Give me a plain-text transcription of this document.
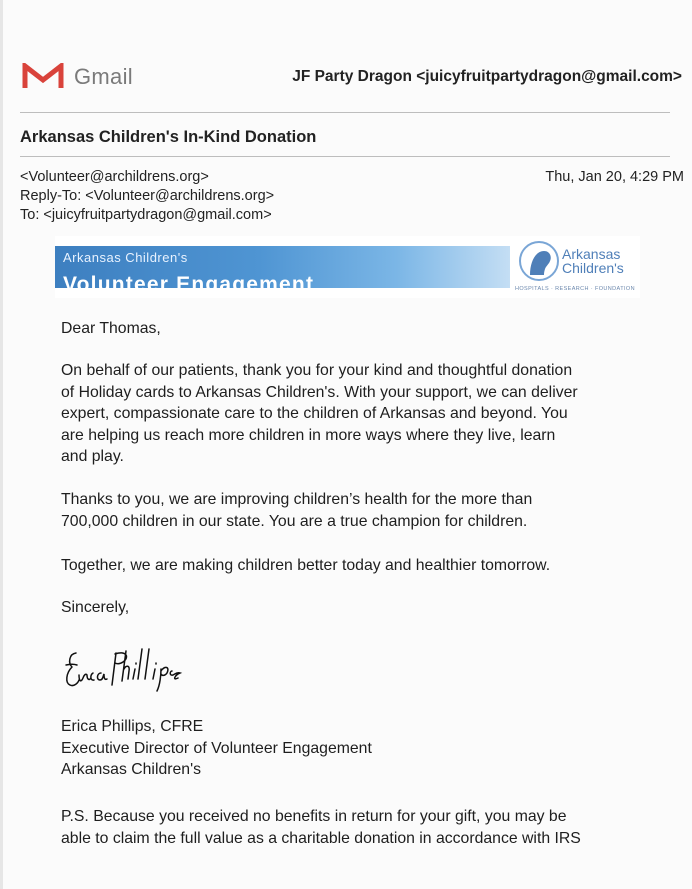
Gmail	JF Party Dragon <juicyfruitpartydragon@gmail.com>
Arkansas Children's In-Kind Donation
<Volunteer@archildrens.org>	Thu, Jan 20, 4:29 PM
Reply-To: <Volunteer@archildrens.org>
To: <juicyfruitpartydragon@gmail.com>
Arkansas Children's
Volunteer Engagement
Arkansas
Children's
HOSPITALS · RESEARCH · FOUNDATION
Dear Thomas,
On behalf of our patients, thank you for your kind and thoughtful donation
of Holiday cards to Arkansas Children's. With your support, we can deliver
expert, compassionate care to the children of Arkansas and beyond. You
are helping us reach more children in more ways where they live, learn
and play.
Thanks to you, we are improving children’s health for the more than
700,000 children in our state. You are a true champion for children.
Together, we are making children better today and healthier tomorrow.
Sincerely,
Erica Phillips, CFRE
Executive Director of Volunteer Engagement
Arkansas Children's
P.S. Because you received no benefits in return for your gift, you may be
able to claim the full value as a charitable donation in accordance with IRS
